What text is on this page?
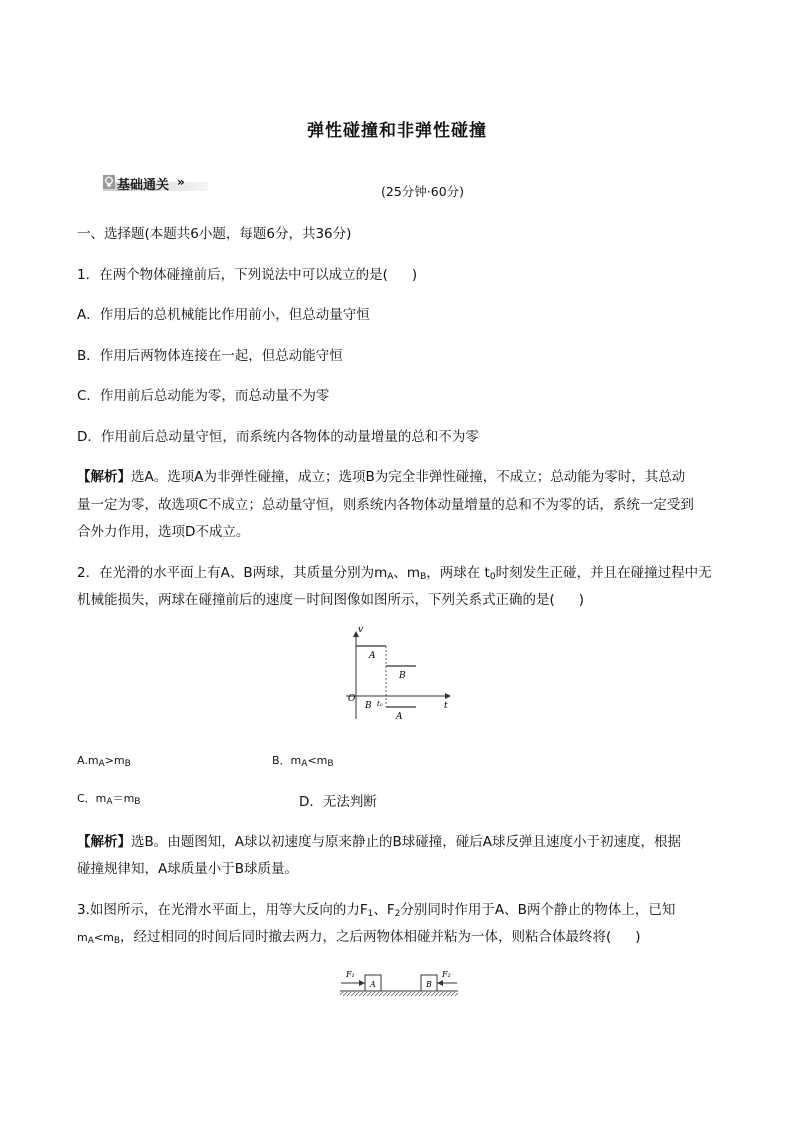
弹性碰撞和非弹性碰撞
基础通关 »
(25分钟·60分)

一、选择题(本题共6小题，每题6分，共36分)

1．在两个物体碰撞前后，下列说法中可以成立的是( )

A．作用后的总机械能比作用前小，但总动量守恒

B．作用后两物体连接在一起，但总动能守恒

C．作用前后总动能为零，而总动量不为零

D．作用前后总动量守恒，而系统内各物体的动量增量的总和不为零

【解析】选A。选项A为非弹性碰撞，成立；选项B为完全非弹性碰撞，不成立；总动能为零时，其总动

量一定为零，故选项C不成立；总动量守恒，则系统内各物体动量增量的总和不为零的话，系统一定受到

合外力作用，选项D不成立。

2．在光滑的水平面上有A、B两球，其质量分别为$m_A$、$m_B$，两球在 $t_0$时刻发生正碰，并且在碰撞过程中无

机械能损失，两球在碰撞前后的速度－时间图像如图所示，下列关系式正确的是( )

v
t
O
A
B
B t₀
A

$A.m_A>m_B$	B．$m_A<m_B$

C．$m_A=m_B$	D．无法判断

【解析】选B。由题图知，A球以初速度与原来静止的B球碰撞，碰后A球反弹且速度小于初速度，根据

碰撞规律知，A球质量小于B球质量。

3.如图所示，在光滑水平面上，用等大反向的力$F_1$、$F_2$分别同时作用于A、B两个静止的物体上，已知

$m_A<m_B$，经过相同的时间后同时撤去两力，之后两物体相碰并粘为一体，则粘合体最终将( )

F₁	F₂
A	B
